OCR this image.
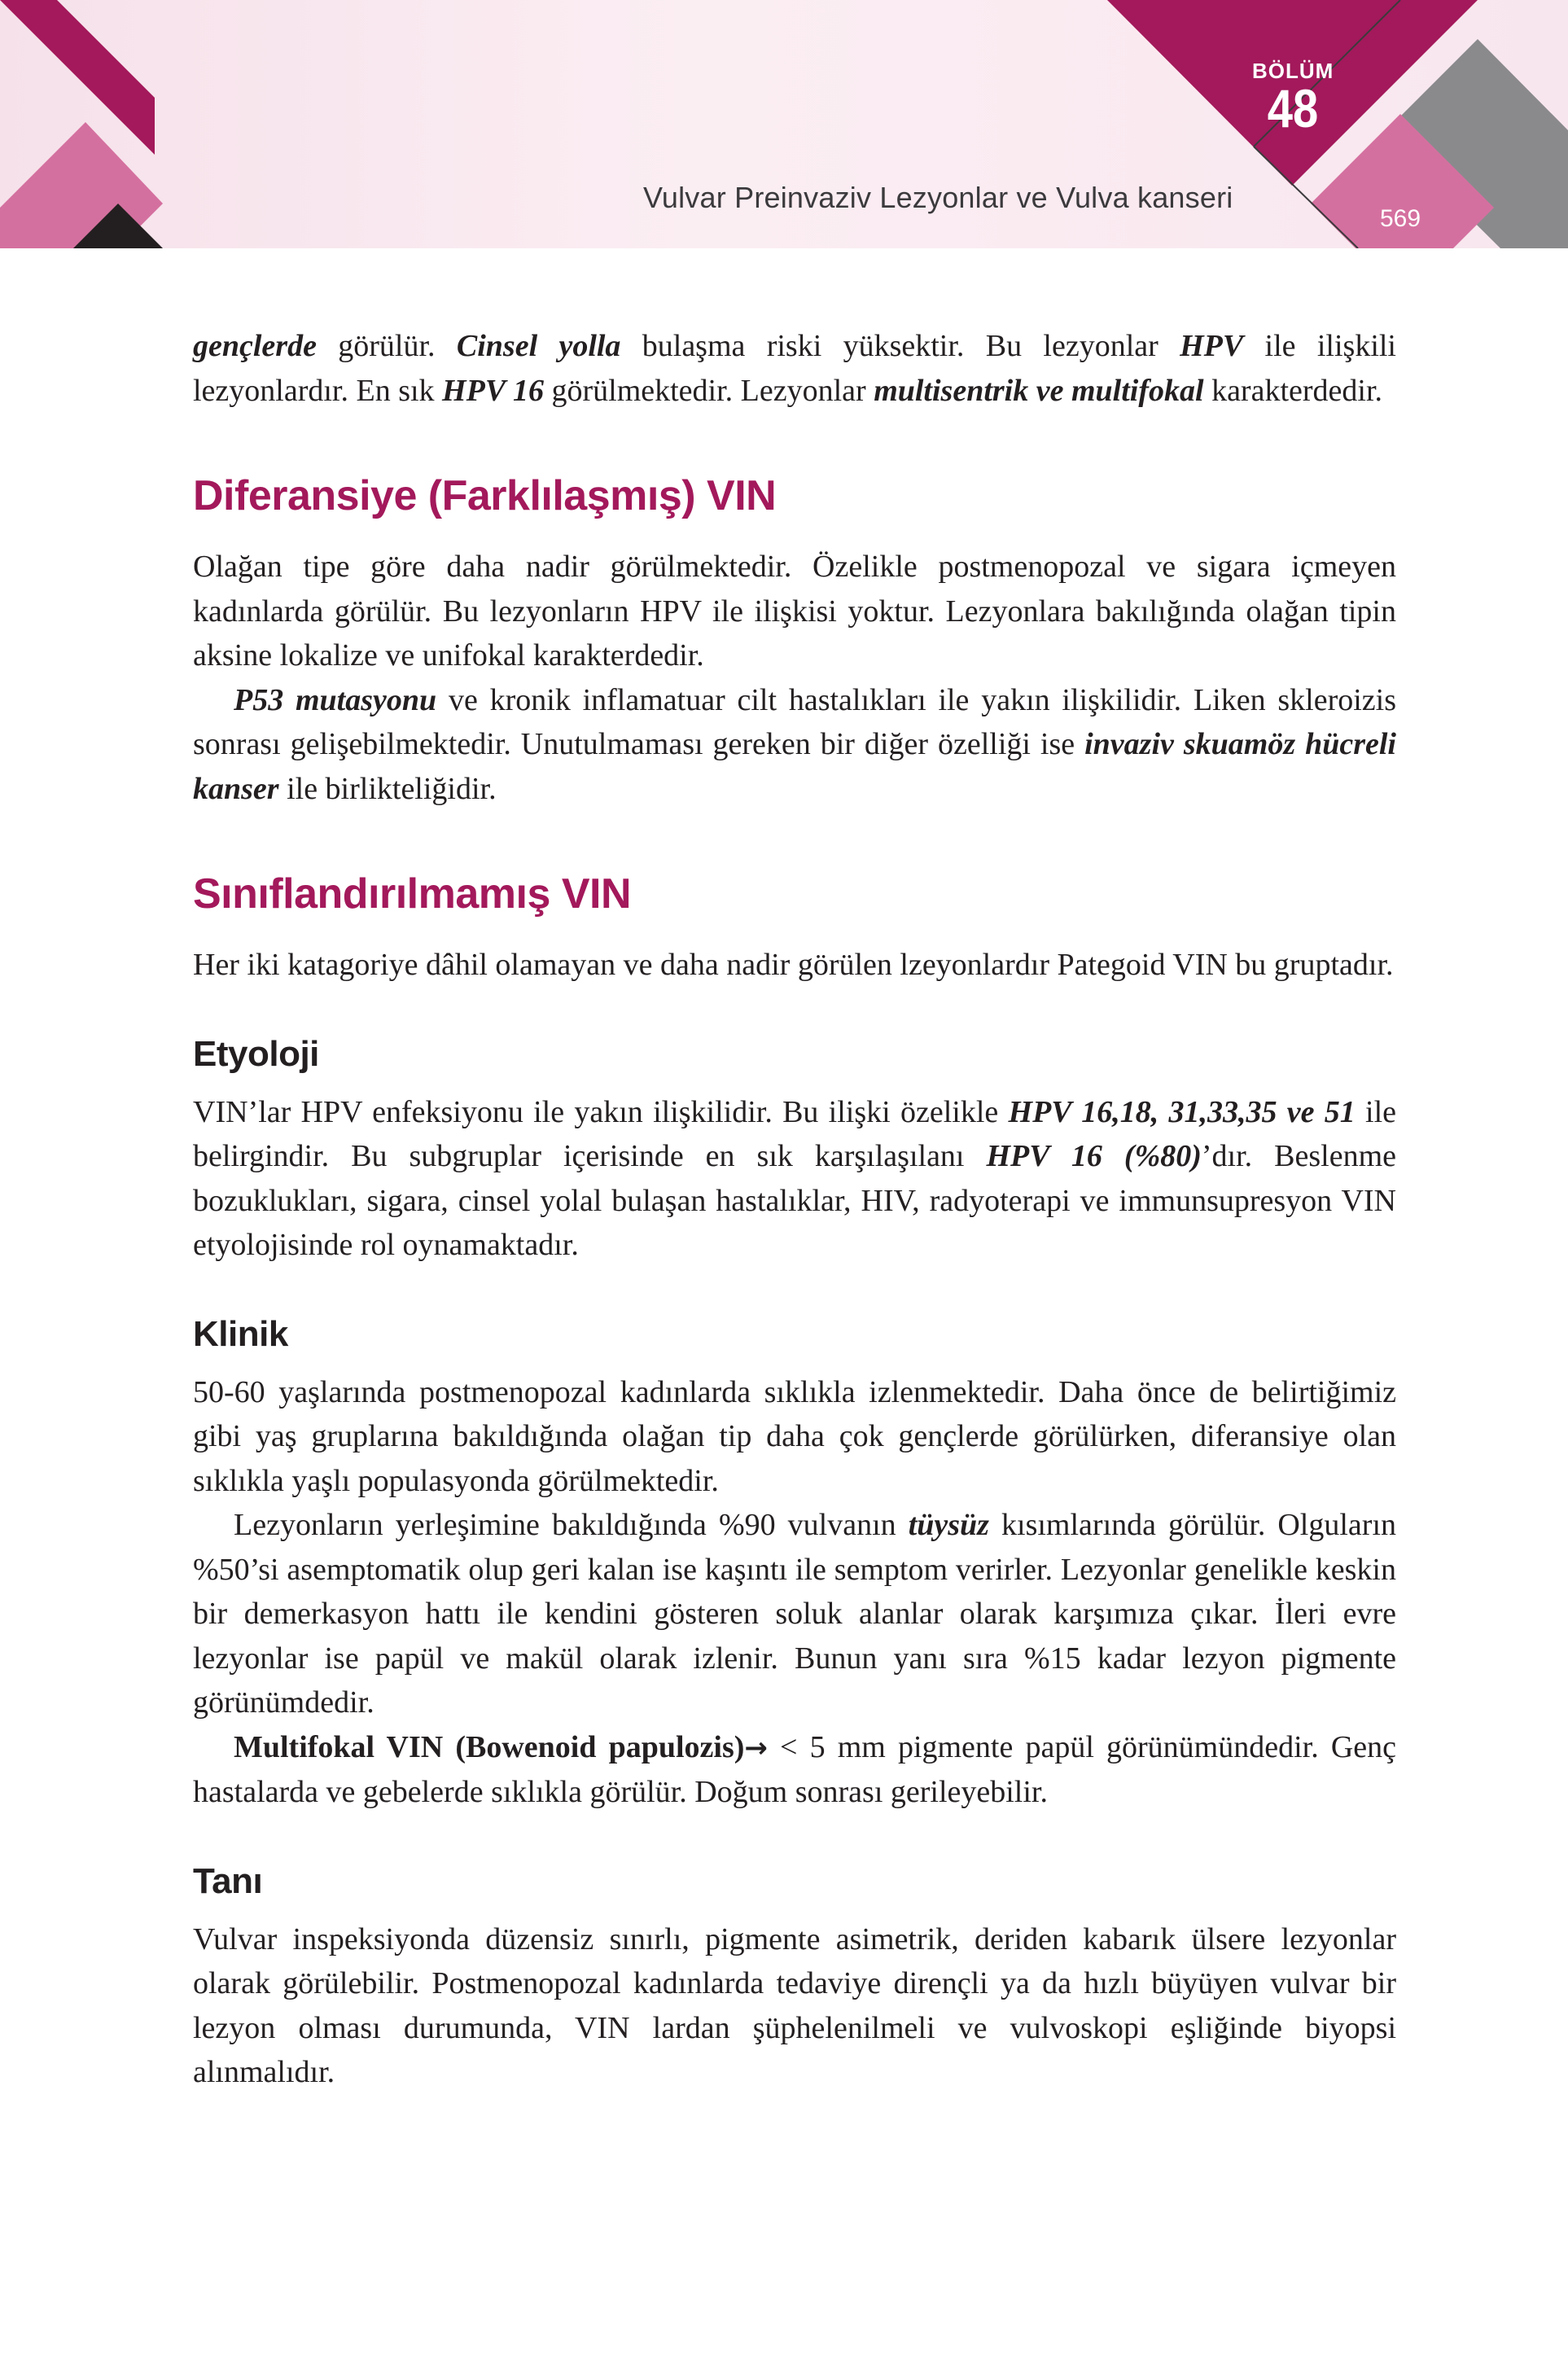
Vulvar Preinvaziv Lezyonlar ve Vulva kanseri
BÖLÜM
48
569

gençlerde görülür. Cinsel yolla bulaşma riski yüksektir. Bu lezyonlar HPV ile ilişkili lezyonlardır. En sık HPV 16 görülmektedir. Lezyonlar multisentrik ve multifokal karakterdedir.

Diferansiye (Farklılaşmış) VIN

Olağan tipe göre daha nadir görülmektedir. Özelikle postmenopozal ve sigara içmeyen kadınlarda görülür. Bu lezyonların HPV ile ilişkisi yoktur. Lezyonlara bakılığında olağan tipin aksine lokalize ve unifokal karakterdedir.

P53 mutasyonu ve kronik inflamatuar cilt hastalıkları ile yakın ilişkilidir. Liken skleroizis sonrası gelişebilmektedir. Unutulmaması gereken bir diğer özelliği ise invaziv skuamöz hücreli kanser ile birlikteliğidir.

Sınıflandırılmamış VIN

Her iki katagoriye dâhil olamayan ve daha nadir görülen lzeyonlardır Pategoid VIN bu gruptadır.

Etyoloji

VIN’lar HPV enfeksiyonu ile yakın ilişkilidir. Bu ilişki özelikle HPV 16,18, 31,33,35 ve 51 ile belirgindir. Bu subgruplar içerisinde en sık karşılaşılanı HPV 16 (%80)’dır. Beslenme bozuklukları, sigara, cinsel yolal bulaşan hastalıklar, HIV, radyoterapi ve immunsupresyon VIN etyolojisinde rol oynamaktadır.

Klinik

50-60 yaşlarında postmenopozal kadınlarda sıklıkla izlenmektedir. Daha önce de belirtiğimiz gibi yaş gruplarına bakıldığında olağan tip daha çok gençlerde görülürken, diferansiye olan sıklıkla yaşlı populasyonda görülmektedir.

Lezyonların yerleşimine bakıldığında %90 vulvanın tüysüz kısımlarında görülür. Olguların %50’si asemptomatik olup geri kalan ise kaşıntı ile semptom verirler. Lezyonlar genelikle keskin bir demerkasyon hattı ile kendini gösteren soluk alanlar olarak karşımıza çıkar. İleri evre lezyonlar ise papül ve makül olarak izlenir. Bunun yanı sıra %15 kadar lezyon pigmente görünümdedir.

Multifokal VIN (Bowenoid papulozis)→ < 5 mm pigmente papül görünümündedir. Genç hastalarda ve gebelerde sıklıkla görülür. Doğum sonrası gerileyebilir.

Tanı

Vulvar inspeksiyonda düzensiz sınırlı, pigmente asimetrik, deriden kabarık ülsere lezyonlar olarak görülebilir. Postmenopozal kadınlarda tedaviye dirençli ya da hızlı büyüyen vulvar bir lezyon olması durumunda, VIN lardan şüphelenilmeli ve vulvoskopi eşliğinde biyopsi alınmalıdır.
